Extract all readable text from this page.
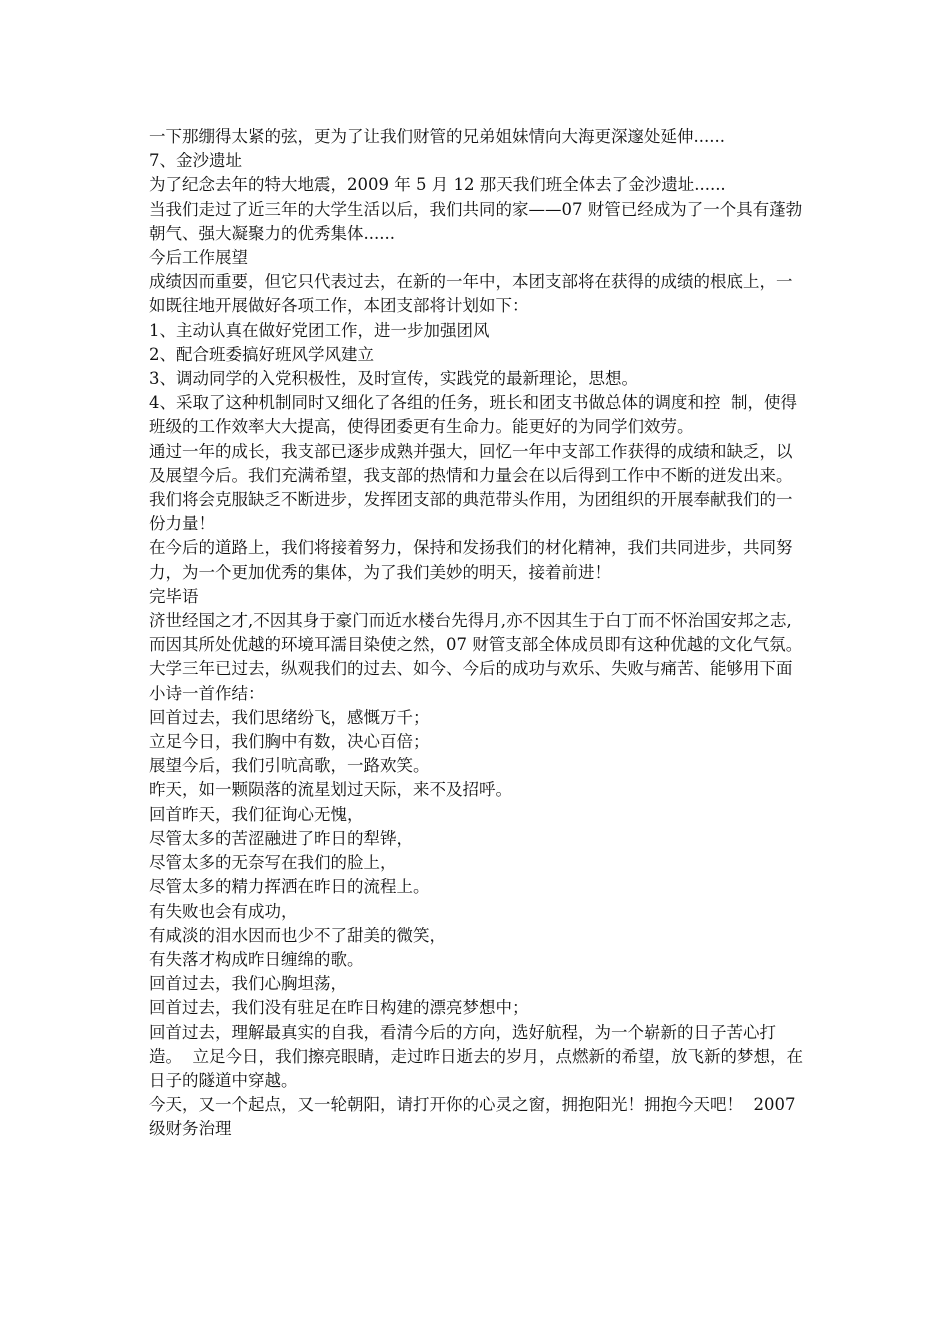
一下那绷得太紧的弦，更为了让我们财管的兄弟姐妹情向大海更深邃处延伸......

7、金沙遗址

为了纪念去年的特大地震，2009 年 5 月 12 那天我们班全体去了金沙遗址......

当我们走过了近三年的大学生活以后，我们共同的家——07 财管已经成为了一个具有蓬勃朝气、强大凝聚力的优秀集体......

今后工作展望

成绩因而重要，但它只代表过去，在新的一年中，本团支部将在获得的成绩的根底上，一如既往地开展做好各项工作，本团支部将计划如下：

1、主动认真在做好党团工作，进一步加强团风

2、配合班委搞好班风学风建立

3、调动同学的入党积极性，及时宣传，实践党的最新理论，思想。

4、采取了这种机制同时又细化了各组的任务，班长和团支书做总体的调度和控  制，使得班级的工作效率大大提高，使得团委更有生命力。能更好的为同学们效劳。

通过一年的成长，我支部已逐步成熟并强大，回忆一年中支部工作获得的成绩和缺乏，以及展望今后。我们充满希望，我支部的热情和力量会在以后得到工作中不断的迸发出来。我们将会克服缺乏不断进步，发挥团支部的典范带头作用，为团组织的开展奉献我们的一份力量！

在今后的道路上，我们将接着努力，保持和发扬我们的材化精神，我们共同进步，共同努力，为一个更加优秀的集体，为了我们美妙的明天，接着前进！

完毕语

济世经国之才,不因其身于豪门而近水楼台先得月,亦不因其生于白丁而不怀治国安邦之志,而因其所处优越的环境耳濡目染使之然，07 财管支部全体成员即有这种优越的文化气氛。大学三年已过去，纵观我们的过去、如今、今后的成功与欢乐、失败与痛苦、能够用下面小诗一首作结：

回首过去，我们思绪纷飞，感慨万千；

立足今日，我们胸中有数，决心百倍；

展望今后，我们引吭高歌，一路欢笑。

昨天，如一颗陨落的流星划过天际，来不及招呼。

回首昨天，我们征询心无愧，

尽管太多的苦涩融进了昨日的犁铧，

尽管太多的无奈写在我们的脸上，

尽管太多的精力挥洒在昨日的流程上。

有失败也会有成功，

有咸淡的泪水因而也少不了甜美的微笑，

有失落才构成昨日缠绵的歌。

回首过去，我们心胸坦荡，

回首过去，我们没有驻足在昨日构建的漂亮梦想中；

回首过去，理解最真实的自我，看清今后的方向，选好航程，为一个崭新的日子苦心打造。  立足今日，我们擦亮眼睛，走过昨日逝去的岁月，点燃新的希望，放飞新的梦想，在日子的隧道中穿越。

今天，又一个起点，又一轮朝阳，请打开你的心灵之窗，拥抱阳光！拥抱今天吧！  2007 级财务治理
